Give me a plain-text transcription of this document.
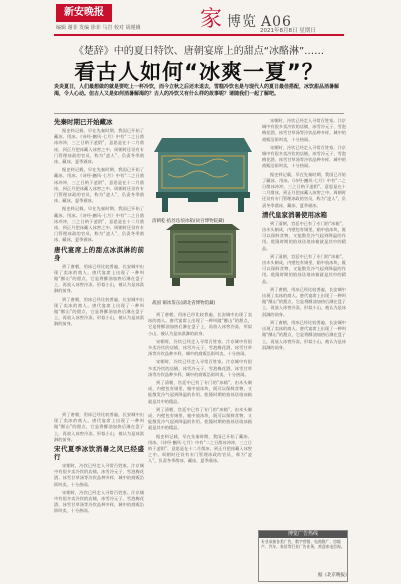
新安晚报
编辑 谢菲 发编 徐菲 马岩 校对 胡瑾娥	家博览 A06
2021年8月8日 星期日
《楚辞》中的夏日特饮、唐朝宴席上的甜点“冰酪淋”……
看古人如何“冰爽一夏”？
炎炎夏日，人们最想做的就是要吃上一杯冷饮，而今立秋之后还未退去，雪糕冷饮也是与现代人的夏日最佳搭配，冰饮甜品消暑解渴，令人心动。但古人又是如何消暑解渴的？古人的冷饮又有什么样的故事呢？请随我们一起了解吧。

先秦时期已开始藏冰

据史料记载，早在先秦时期，我国已开始了藏冰、用冰。《诗经·豳风·七月》中有“二之日凿冰冲冲，三之日纳于凌阴”，意思是在十二月凿冰，到正月把冰藏入冰窖之中。周朝时还设有专门管理冰政的官员，称为“凌人”，负责冬季凿冰、藏冰，夏季颁冰。

据史料记载，早在先秦时期，我国已开始了藏冰、用冰。《诗经·豳风·七月》中有“二之日凿冰冲冲，三之日纳于凌阴”，意思是在十二月凿冰，到正月把冰藏入冰窖之中。周朝时还设有专门管理冰政的官员，称为“凌人”，负责冬季凿冰、藏冰，夏季颁冰。

据史料记载，早在先秦时期，我国已开始了藏冰、用冰。《诗经·豳风·七月》中有“二之日凿冰冲冲，三之日纳于凌阴”，意思是在十二月凿冰，到正月把冰藏入冰窖之中。周朝时还设有专门管理冰政的官员，称为“凌人”，负责冬季凿冰、藏冰，夏季颁冰。

唐代宴席上的甜点冰淇淋的前身

到了唐朝，用冰已经比较普遍，长安城中出现了卖冰的商人。唐代宴席上出现了一种叫做“酥山”的甜点，它是将酥油加热后淋在盘子上，再放入冰窖冷冻，形似小山，被认为是冰淇淋的前身。

到了唐朝，用冰已经比较普遍，长安城中出现了卖冰的商人。唐代宴席上出现了一种叫做“酥山”的甜点，它是将酥油加热后淋在盘子上，再放入冰窖冷冻，形似小山，被认为是冰淇淋的前身。

到了唐朝，用冰已经比较普遍，长安城中出现了卖冰的商人。唐代宴席上出现了一种叫做“酥山”的甜点，它是将酥油加热后淋在盘子上，再放入冰窖冷冻，形似小山，被认为是冰淇淋的前身。

宋代夏季冰饮消暑之风已经盛行

宋朝时，冷饮已经走入寻常百姓家。汴京城中有很多卖冷饮的店铺，冰雪冷元子、雪泡梅花酒、冰雪甘草汤等冷饮品种多样，城中的商贩沿街叫卖，十分热闹。

宋朝时，冷饮已经走入寻常百姓家。汴京城中有很多卖冷饮的店铺，冰雪冷元子、雪泡梅花酒、冰雪甘草汤等冷饮品种多样，城中的商贩沿街叫卖，十分热闹。

清朝乾·掐丝珐琅冰箱(故宫博物院藏)
战国 铜冰鉴缶(湖北省博物馆藏)

到了唐朝，用冰已经比较普遍，长安城中出现了卖冰的商人。唐代宴席上出现了一种叫做“酥山”的甜点，它是将酥油加热后淋在盘子上，再放入冰窖冷冻，形似小山，被认为是冰淇淋的前身。

宋朝时，冷饮已经走入寻常百姓家。汴京城中有很多卖冷饮的店铺，冰雪冷元子、雪泡梅花酒、冰雪甘草汤等冷饮品种多样，城中的商贩沿街叫卖，十分热闹。

宋朝时，冷饮已经走入寻常百姓家。汴京城中有很多卖冷饮的店铺，冰雪冷元子、雪泡梅花酒、冰雪甘草汤等冷饮品种多样，城中的商贩沿街叫卖，十分热闹。

到了清朝，宫廷中已有了专门的“冰箱”，由木头制成，内壁包有锡里，箱中放冰块，既可以保鲜食物，又能散发冷气起到降温的作用。乾隆时期的掐丝珐琅冰箱就是其中的精品。

到了清朝，宫廷中已有了专门的“冰箱”，由木头制成，内壁包有锡里，箱中放冰块，既可以保鲜食物，又能散发冷气起到降温的作用。乾隆时期的掐丝珐琅冰箱就是其中的精品。

据史料记载，早在先秦时期，我国已开始了藏冰、用冰。《诗经·豳风·七月》中有“二之日凿冰冲冲，三之日纳于凌阴”，意思是在十二月凿冰，到正月把冰藏入冰窖之中。周朝时还设有专门管理冰政的官员，称为“凌人”，负责冬季凿冰、藏冰，夏季颁冰。

宋朝时，冷饮已经走入寻常百姓家。汴京城中有很多卖冷饮的店铺，冰雪冷元子、雪泡梅花酒、冰雪甘草汤等冷饮品种多样，城中的商贩沿街叫卖，十分热闹。

宋朝时，冷饮已经走入寻常百姓家。汴京城中有很多卖冷饮的店铺，冰雪冷元子、雪泡梅花酒、冰雪甘草汤等冷饮品种多样，城中的商贩沿街叫卖，十分热闹。

据史料记载，早在先秦时期，我国已开始了藏冰、用冰。《诗经·豳风·七月》中有“二之日凿冰冲冲，三之日纳于凌阴”，意思是在十二月凿冰，到正月把冰藏入冰窖之中。周朝时还设有专门管理冰政的官员，称为“凌人”，负责冬季凿冰、藏冰，夏季颁冰。

清代皇家消暑使用冰箱

到了清朝，宫廷中已有了专门的“冰箱”，由木头制成，内壁包有锡里，箱中放冰块，既可以保鲜食物，又能散发冷气起到降温的作用。乾隆时期的掐丝珐琅冰箱就是其中的精品。

到了清朝，宫廷中已有了专门的“冰箱”，由木头制成，内壁包有锡里，箱中放冰块，既可以保鲜食物，又能散发冷气起到降温的作用。乾隆时期的掐丝珐琅冰箱就是其中的精品。

到了唐朝，用冰已经比较普遍，长安城中出现了卖冰的商人。唐代宴席上出现了一种叫做“酥山”的甜点，它是将酥油加热后淋在盘子上，再放入冰窖冷冻，形似小山，被认为是冰淇淋的前身。

到了唐朝，用冰已经比较普遍，长安城中出现了卖冰的商人。唐代宴席上出现了一种叫做“酥山”的甜点，它是将酥油加热后淋在盘子上，再放入冰窖冷冻，形似小山，被认为是冰淇淋的前身。

博览广告热线
专业承接各类广告，数字营销、电商推广、房地产、汽车、家居等行业广告业务，欢迎来电咨询。
据《北京晚报》
